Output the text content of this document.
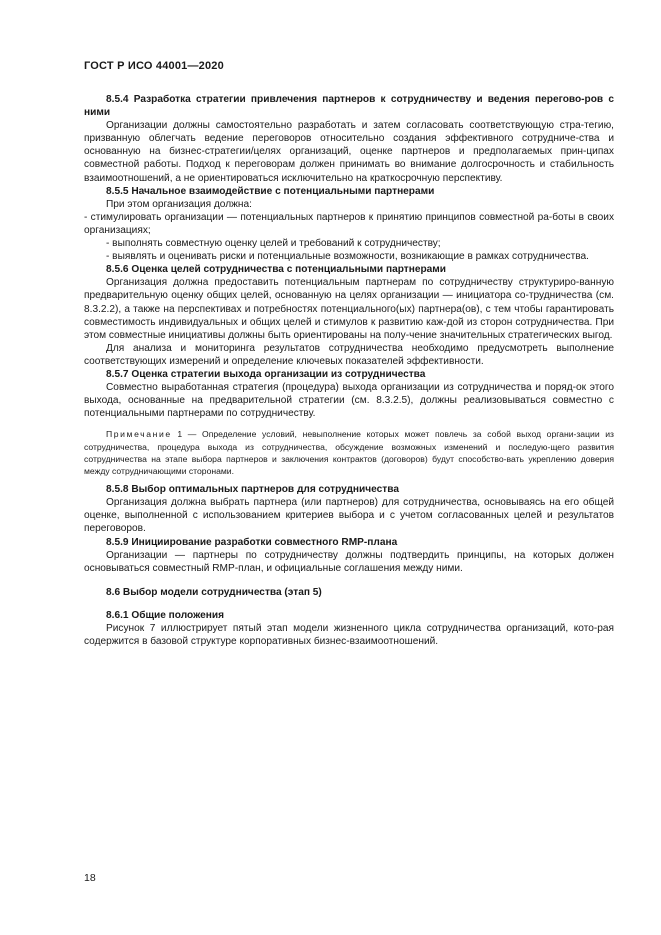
ГОСТ Р ИСО 44001—2020

8.5.4 Разработка стратегии привлечения партнеров к сотрудничеству и ведения перегово-ров с ними

Организации должны самостоятельно разработать и затем согласовать соответствующую стра-тегию, призванную облегчать ведение переговоров относительно создания эффективного сотрудниче-ства и основанную на бизнес-стратегии/целях организаций, оценке партнеров и предполагаемых прин-ципах совместной работы. Подход к переговорам должен принимать во внимание долгосрочность и стабильность взаимоотношений, а не ориентироваться исключительно на краткосрочную перспективу.

8.5.5 Начальное взаимодействие с потенциальными партнерами

При этом организация должна:

- стимулировать организации — потенциальных партнеров к принятию принципов совместной ра-боты в своих организациях;

- выполнять совместную оценку целей и требований к сотрудничеству;

- выявлять и оценивать риски и потенциальные возможности, возникающие в рамках сотрудничества.

8.5.6 Оценка целей сотрудничества с потенциальными партнерами

Организация должна предоставить потенциальным партнерам по сотрудничеству структуриро-ванную предварительную оценку общих целей, основанную на целях организации — инициатора со-трудничества (см. 8.3.2.2), а также на перспективах и потребностях потенциального(ых) партнера(ов), с тем чтобы гарантировать совместимость индивидуальных и общих целей и стимулов к развитию каж-дой из сторон сотрудничества. При этом совместные инициативы должны быть ориентированы на полу-чение значительных стратегических выгод.

Для анализа и мониторинга результатов сотрудничества необходимо предусмотреть выполнение соответствующих измерений и определение ключевых показателей эффективности.

8.5.7 Оценка стратегии выхода организации из сотрудничества

Совместно выработанная стратегия (процедура) выхода организации из сотрудничества и поряд-ок этого выхода, основанные на предварительной стратегии (см. 8.3.2.5), должны реализовываться совместно с потенциальными партнерами по сотрудничеству.

Примечание 1 — Определение условий, невыполнение которых может повлечь за собой выход органи-зации из сотрудничества, процедура выхода из сотрудничества, обсуждение возможных изменений и последую-щего развития сотрудничества на этапе выбора партнеров и заключения контрактов (договоров) будут способство-вать укреплению доверия между сотрудничающими сторонами.

8.5.8 Выбор оптимальных партнеров для сотрудничества

Организация должна выбрать партнера (или партнеров) для сотрудничества, основываясь на его общей оценке, выполненной с использованием критериев выбора и с учетом согласованных целей и результатов переговоров.

8.5.9 Инициирование разработки совместного RMP-плана

Организации — партнеры по сотрудничеству должны подтвердить принципы, на которых должен основываться совместный RMP-план, и официальные соглашения между ними.

8.6 Выбор модели сотрудничества (этап 5)

8.6.1 Общие положения

Рисунок 7 иллюстрирует пятый этап модели жизненного цикла сотрудничества организаций, кото-рая содержится в базовой структуре корпоративных бизнес-взаимоотношений.

18
